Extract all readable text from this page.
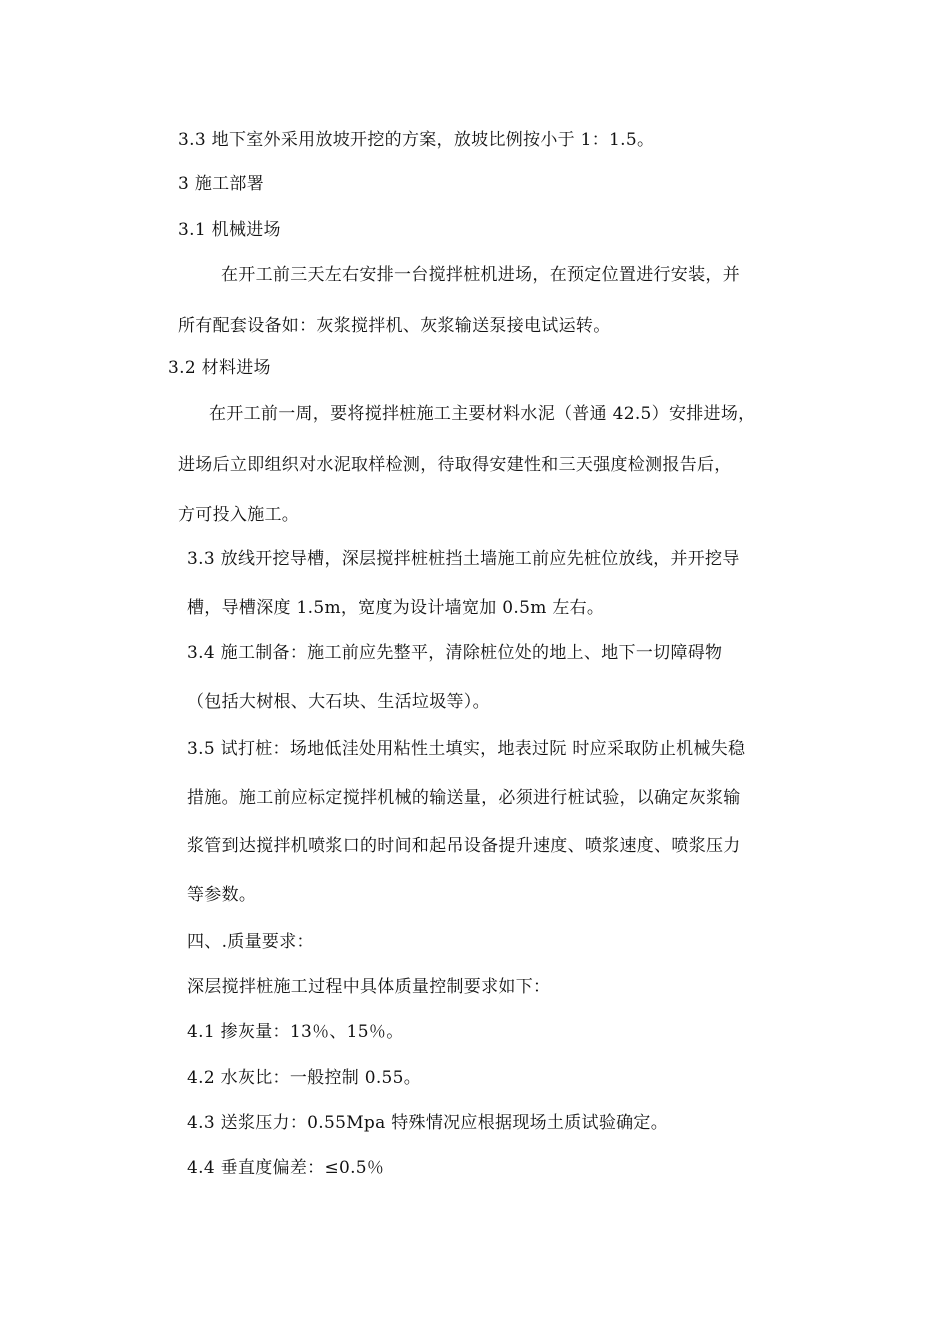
3.3 地下室外采用放坡开挖的方案，放坡比例按小于 1：1.5。
3 施工部署
3.1 机械进场
在开工前三天左右安排一台搅拌桩机进场，在预定位置进行安装，并
所有配套设备如：灰浆搅拌机、灰浆输送泵接电试运转。
3.2 材料进场
在开工前一周，要将搅拌桩施工主要材料水泥（普通 42.5）安排进场，
进场后立即组织对水泥取样检测，待取得安建性和三天强度检测报告后，
方可投入施工。
3.3 放线开挖导槽，深层搅拌桩桩挡土墙施工前应先桩位放线，并开挖导
槽，导槽深度 1.5m，宽度为设计墙宽加 0.5m 左右。
3.4 施工制备：施工前应先整平，清除桩位处的地上、地下一切障碍物
（包括大树根、大石块、生活垃圾等）。
3.5 试打桩：场地低洼处用粘性土填实，地表过阮 时应采取防止机械失稳
措施。施工前应标定搅拌机械的输送量，必须进行桩试验，以确定灰浆输
浆管到达搅拌机喷浆口的时间和起吊设备提升速度、喷浆速度、喷浆压力
等参数。
四、.质量要求：
深层搅拌桩施工过程中具体质量控制要求如下：
4.1 掺灰量：13％、15％。
4.2 水灰比：一般控制 0.55。
4.3 送浆压力：0.55Mpa 特殊情况应根据现场土质试验确定。
4.4 垂直度偏差：≤0.5％
